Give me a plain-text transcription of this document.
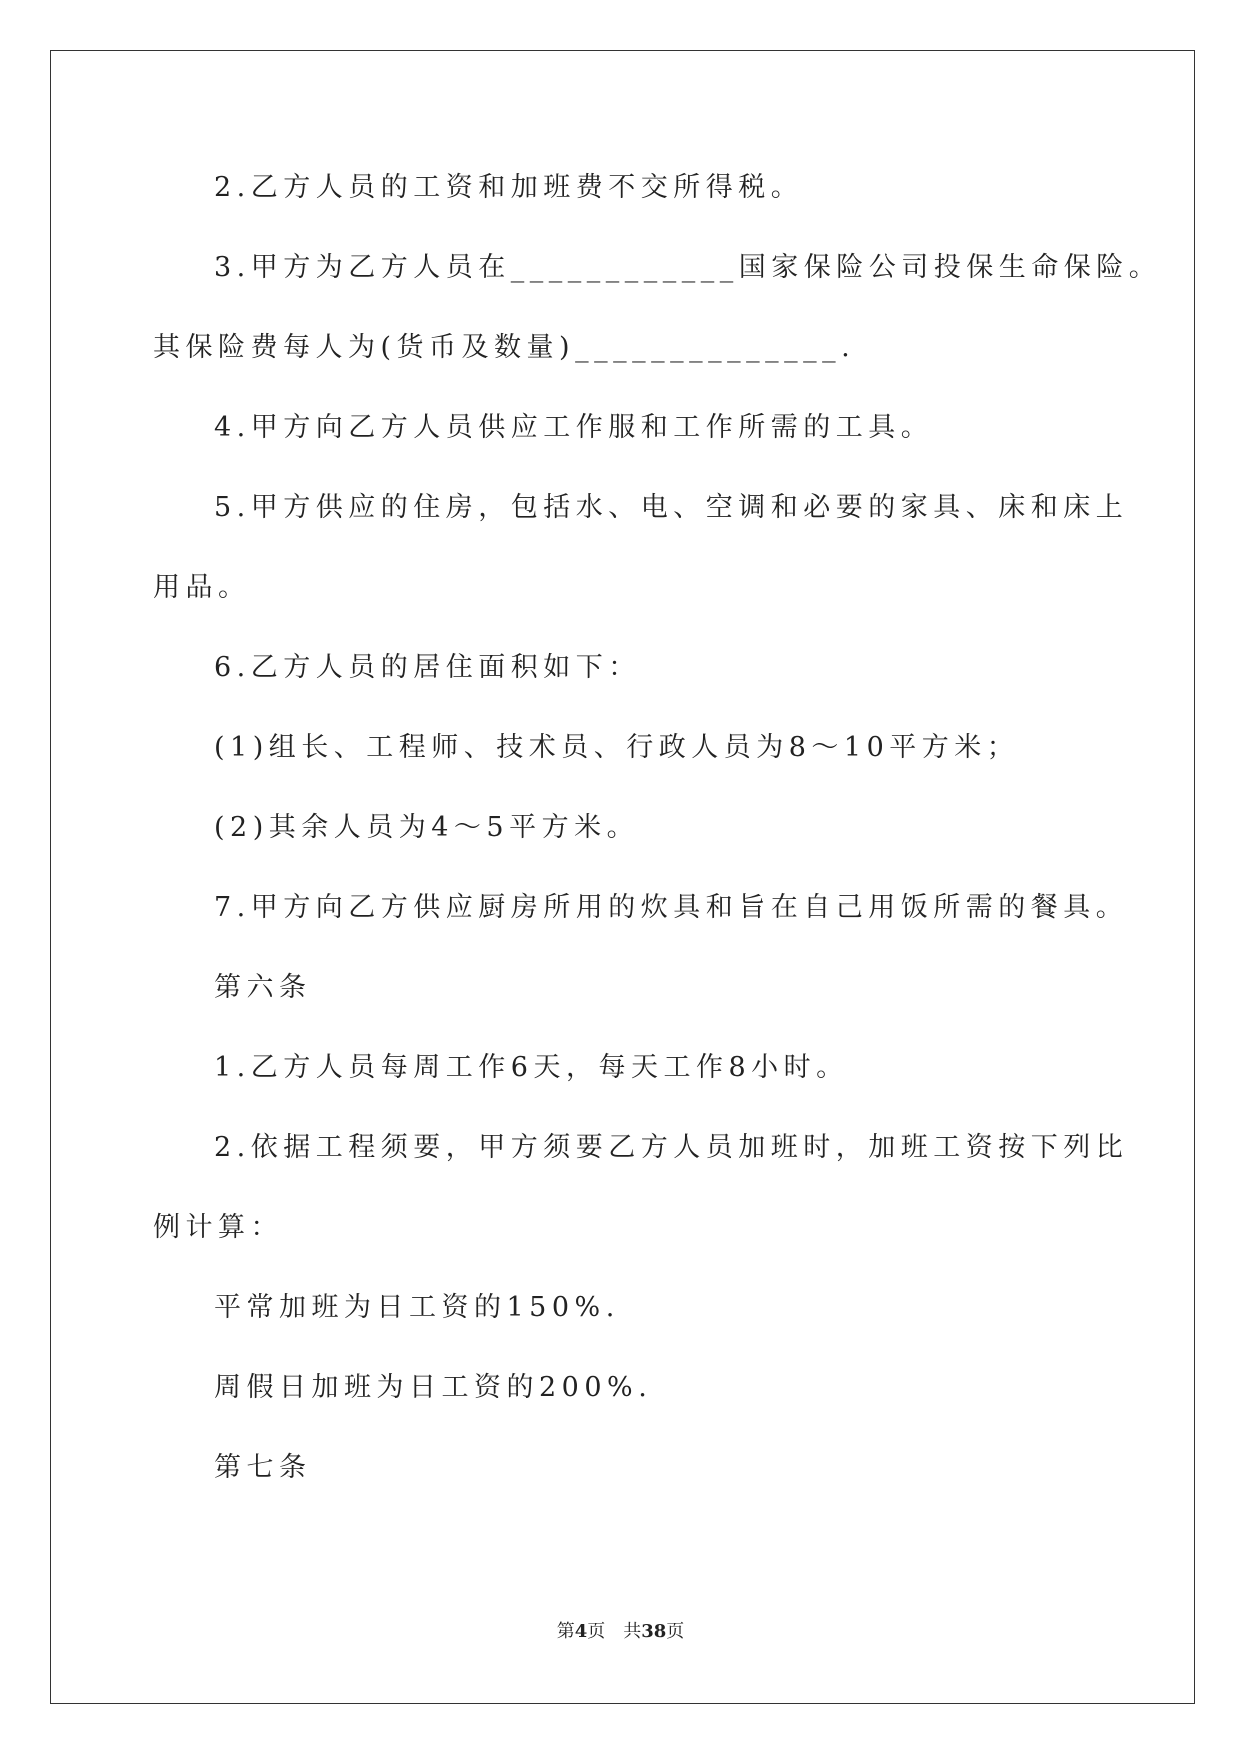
2.乙方人员的工资和加班费不交所得税。
3.甲方为乙方人员在____________国家保险公司投保生命保险。
其保险费每人为(货币及数量)______________.
4.甲方向乙方人员供应工作服和工作所需的工具。
5.甲方供应的住房，包括水、电、空调和必要的家具、床和床上
用品。
6.乙方人员的居住面积如下：
(1)组长、工程师、技术员、行政人员为8～10平方米；
(2)其余人员为4～5平方米。
7.甲方向乙方供应厨房所用的炊具和旨在自己用饭所需的餐具。
第六条
1.乙方人员每周工作6天，每天工作8小时。
2.依据工程须要，甲方须要乙方人员加班时，加班工资按下列比
例计算：
平常加班为日工资的150%.
周假日加班为日工资的200%.
第七条
第4页 共38页
